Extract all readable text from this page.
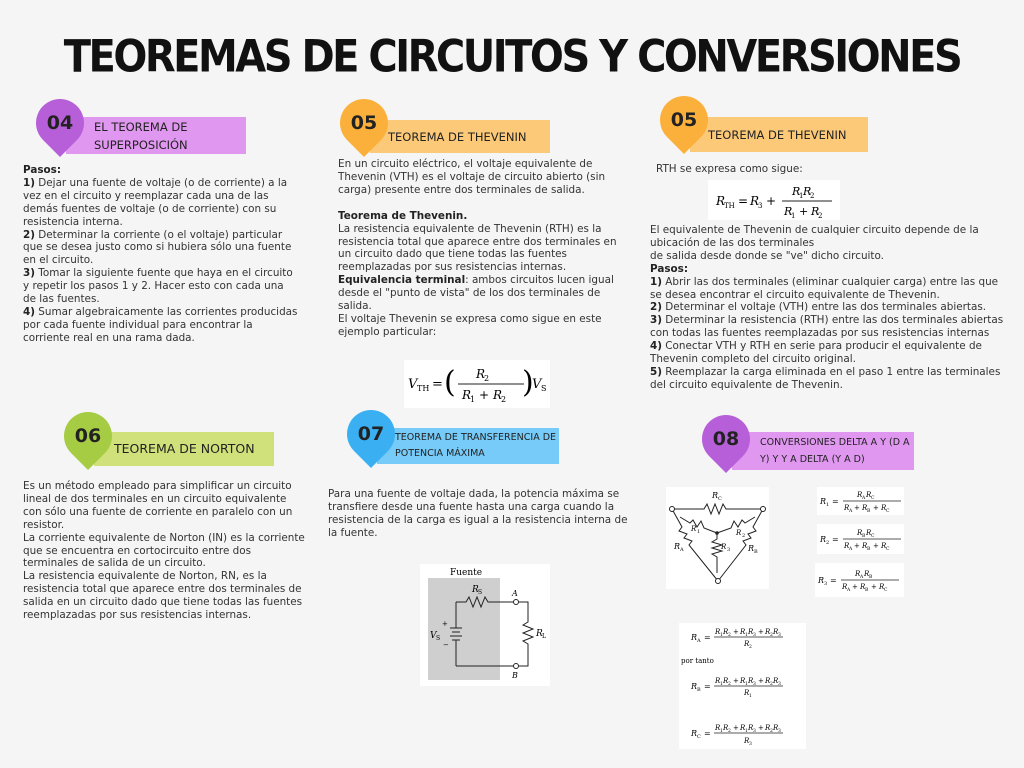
TEOREMAS DE CIRCUITOS Y CONVERSIONES
04	EL TEOREMA DE SUPERPOSICIÓN
Pasos:
1) Dejar una fuente de voltaje (o de corriente) a la vez en el circuito y reemplazar cada una de las demás fuentes de voltaje (o de corriente) con su resistencia interna.
2) Determinar la corriente (o el voltaje) particular que se desea justo como si hubiera sólo una fuente en el circuito.
3) Tomar la siguiente fuente que haya en el circuito y repetir los pasos 1 y 2. Hacer esto con cada una de las fuentes.
4) Sumar algebraicamente las corrientes producidas por cada fuente individual para encontrar la corriente real en una rama dada.
05
TEOREMA DE THEVENIN
En un circuito eléctrico, el voltaje equivalente de Thevenin (VTH) es el voltaje de circuito abierto (sin carga) presente entre dos terminales de salida.
Teorema de Thevenin.
La resistencia equivalente de Thevenin (RTH) es la resistencia total que aparece entre dos terminales en un circuito dado que tiene todas las fuentes reemplazadas por sus resistencias internas.
Equivalencia terminal: ambos circuitos lucen igual desde el "punto de vista" de los dos terminales de salida.
El voltaje Thevenin se expresa como sigue en este ejemplo particular:
V TH = ( R
2
R
1 + R
2 )
V S
05
TEOREMA DE THEVENIN
RTH se expresa como sigue:
R
TH = R
3 +
R
1 R
2
R
1 + R
2
El equivalente de Thevenin de cualquier circuito depende de la ubicación de las dos terminales
de salida desde donde se "ve" dicho circuito.
Pasos:
1) Abrir las dos terminales (eliminar cualquier carga) entre las que se desea encontrar el circuito equivalente de Thevenin.
2) Determinar el voltaje (VTH) entre las dos terminales abiertas.
3) Determinar la resistencia (RTH) entre las dos terminales abiertas con todas las fuentes reemplazadas por sus resistencias internas
4) Conectar VTH y RTH en serie para producir el equivalente de Thevenin completo del circuito original.
5) Reemplazar la carga eliminada en el paso 1 entre las terminales del circuito equivalente de Thevenin.
06
TEOREMA DE NORTON
Es un método empleado para simplificar un circuito lineal de dos terminales en un circuito equivalente con sólo una fuente de corriente en paralelo con un resistor.
La corriente equivalente de Norton (IN) es la corriente que se encuentra en cortocircuito entre dos terminales de salida de un circuito.
La resistencia equivalente de Norton, RN, es la resistencia total que aparece entre dos terminales de salida en un circuito dado que tiene todas las fuentes reemplazadas por sus resistencias internas.
07	TEOREMA DE TRANSFERENCIA DE POTENCIA MÁXIMA
Para una fuente de voltaje dada, la potencia máxima se transfiere desde una fuente hasta una carga cuando la resistencia de la carga es igual a la resistencia interna de la fuente.
Fuente
R S
+
−
V S
A
B
R L
08	CONVERSIONES DELTA A Y (D A Y) Y Y A DELTA (Y A D)
R C
R A	R B
R 1	R 2
R 3
R 1 =
R A R C
R A + R B + R C
R 2 =
R B R C
R A + R B + R C
R 3 =
R A R B
R A + R B + R C
R A =
R 1 R 2 + R 1 R 3 + R 2 R 3
R 2
por tanto
R B =
R 1 R 2 + R 1 R 3 + R 2 R 3
R 1
R C =
R 1 R 2 + R 1 R 3 + R 2 R 3
R 3
